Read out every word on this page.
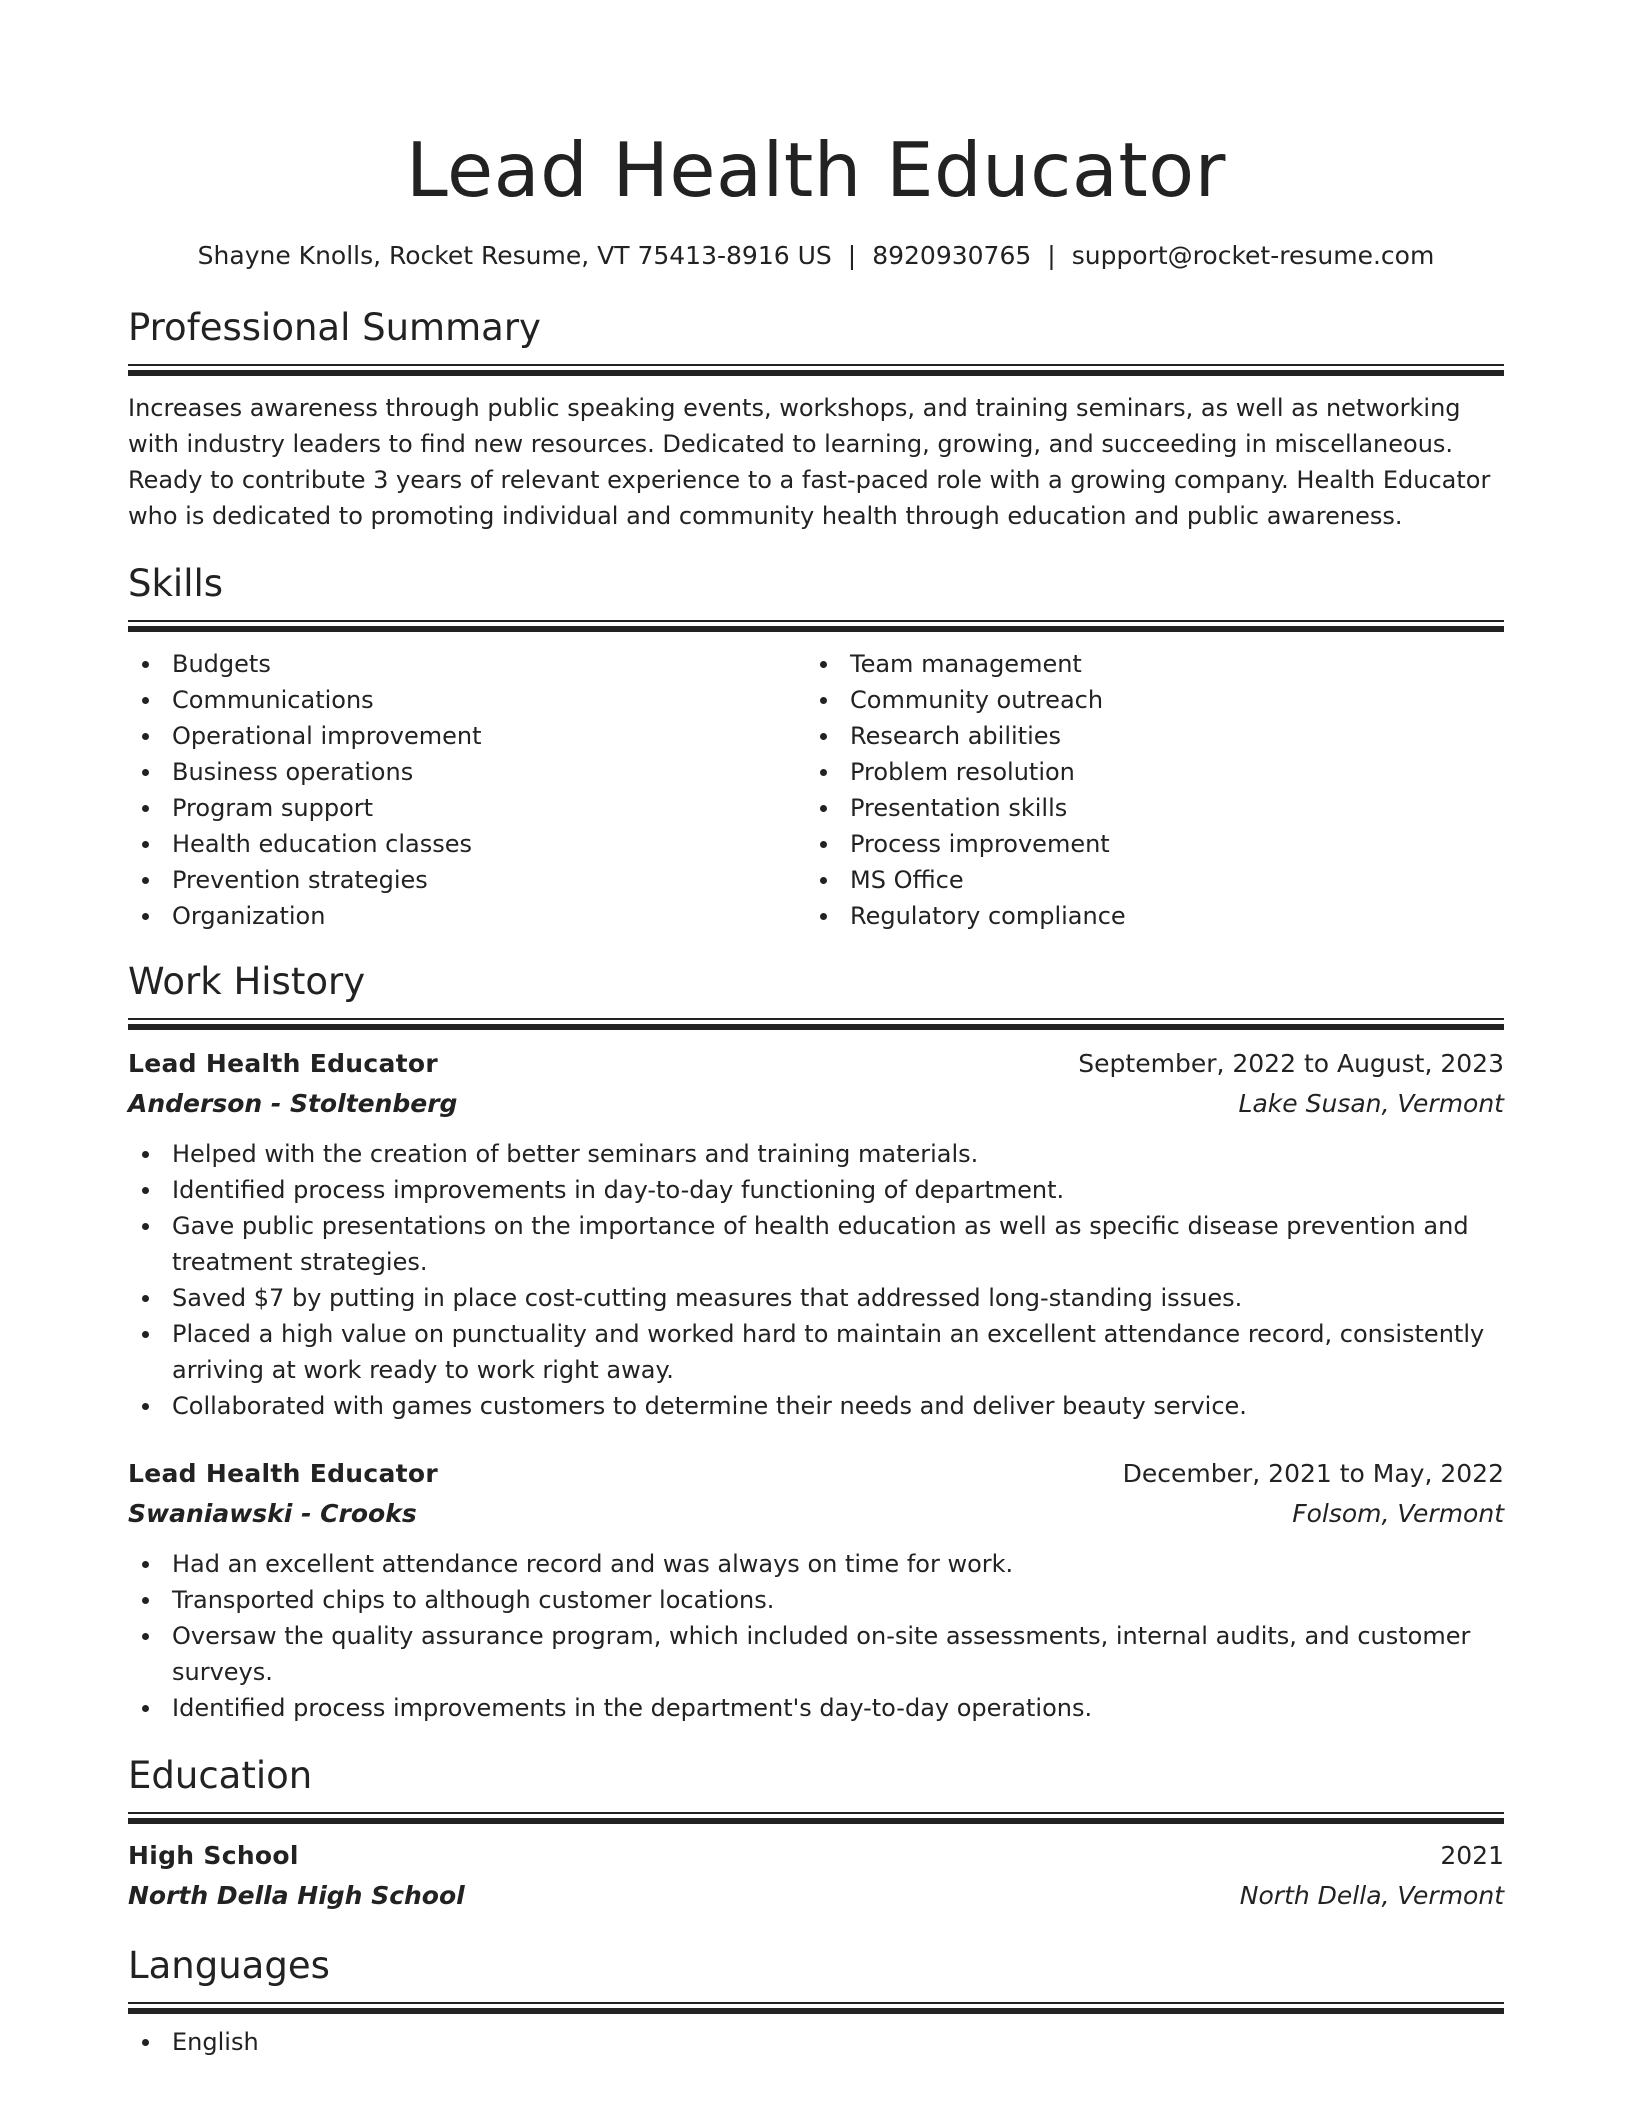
Lead Health Educator
Shayne Knolls, Rocket Resume, VT 75413-8916 US | 8920930765 | support@rocket-resume.com
Professional Summary

Increases awareness through public speaking events, workshops, and training seminars, as well as networking with industry leaders to find new resources. Dedicated to learning, growing, and succeeding in miscellaneous. Ready to contribute 3 years of relevant experience to a fast-paced role with a growing company. Health Educator who is dedicated to promoting individual and community health through education and public awareness.

Skills
Budgets
Communications
Operational improvement
Business operations
Program support
Health education classes
Prevention strategies
Organization
Team management
Community outreach
Research abilities
Problem resolution
Presentation skills
Process improvement
MS Office
Regulatory compliance
Work History
Lead Health Educator	September, 2022 to August, 2023
Anderson - Stoltenberg	Lake Susan, Vermont
Helped with the creation of better seminars and training materials.
Identified process improvements in day-to-day functioning of department.
Gave public presentations on the importance of health education as well as specific disease prevention and treatment strategies.
Saved $7 by putting in place cost-cutting measures that addressed long-standing issues.
Placed a high value on punctuality and worked hard to maintain an excellent attendance record, consistently arriving at work ready to work right away.
Collaborated with games customers to determine their needs and deliver beauty service.
Lead Health Educator	December, 2021 to May, 2022
Swaniawski - Crooks	Folsom, Vermont
Had an excellent attendance record and was always on time for work.
Transported chips to although customer locations.
Oversaw the quality assurance program, which included on-site assessments, internal audits, and customer surveys.
Identified process improvements in the department's day-to-day operations.
Education
High School	2021
North Della High School	North Della, Vermont
Languages
English
